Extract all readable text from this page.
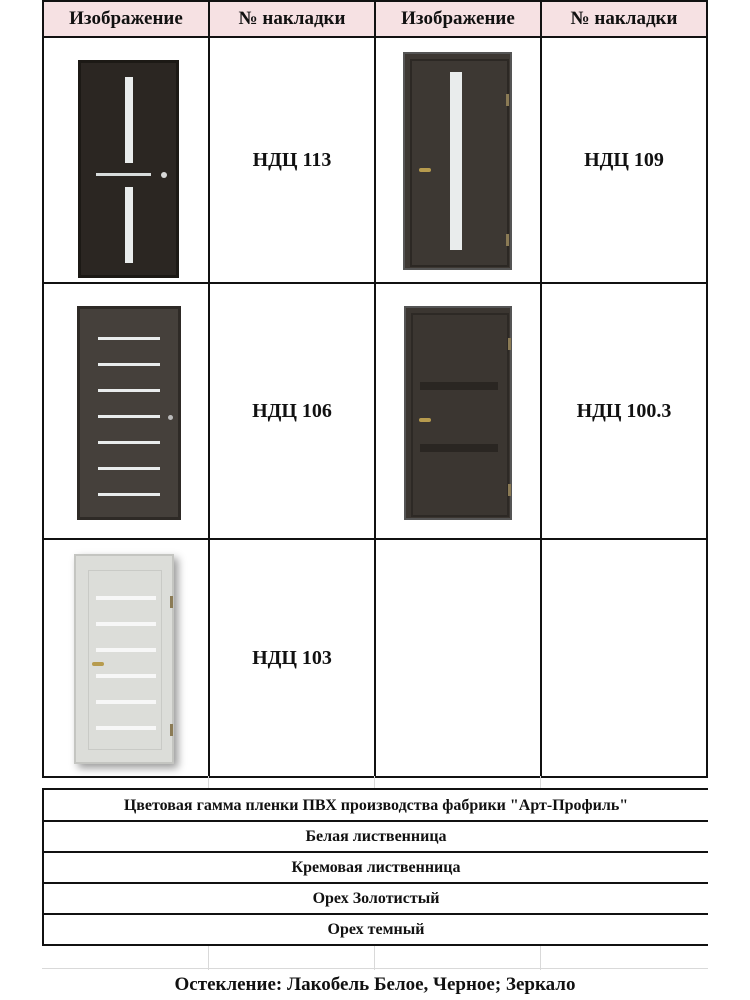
Изображение	№ накладки	Изображение	№ накладки
НДЦ 113	НДЦ 109
НДЦ 106	НДЦ 100.3
НДЦ 103
Цветовая гамма пленки ПВХ производства фабрики "Арт-Профиль"
Белая лиственница
Кремовая лиственница
Орех Золотистый
Орех темный
Остекление: Лакобель Белое, Черное; Зеркало
